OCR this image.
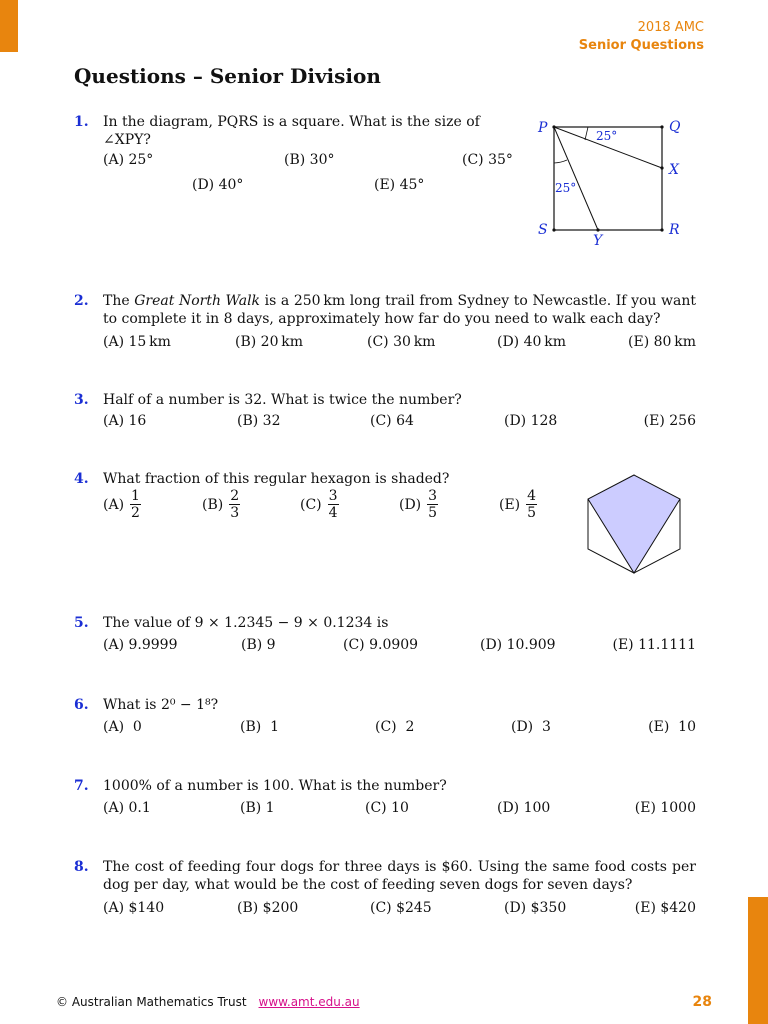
2018 AMC
Senior Questions
Questions – Senior Division
1. In the diagram, PQRS is a square. What is the size of ∠XPY?
(A) 25°	(B) 30°	(C) 35°
(D) 40°	(E) 45°
P	Q
X
R
S
Y
25°
25°
2. The Great North Walk is a 250 km long trail from Sydney to Newcastle. If you want to complete it in 8 days, approximately how far do you need to walk each day?
(A) 15 km	(B) 20 km	(C) 30 km	(D) 40 km	(E) 80 km
3. Half of a number is 32. What is twice the number?
(A) 16	(B) 32	(C) 64	(D) 128	(E) 256
4. What fraction of this regular hexagon is shaded?
$(A) \frac{1}{2}$	$(B) \frac{2}{3}$	$(C) \frac{3}{4}$	$(D) \frac{3}{5}$	$(E) \frac{4}{5}$
5. The value of 9 × 1.2345 − 9 × 0.1234 is
(A) 9.9999	(B) 9	(C) 9.0909	(D) 10.909	(E) 11.1111
6. What is 2⁰ − 1⁸?
(A)  0	(B)  1	(C)  2	(D)  3	(E)  10
7. 1000% of a number is 100. What is the number?
(A) 0.1	(B) 1	(C) 10	(D) 100	(E) 1000
8. The cost of feeding four dogs for three days is $60. Using the same food costs per dog per day, what would be the cost of feeding seven dogs for seven days?
(A) $140	(B) $200	(C) $245	(D) $350	(E) $420
© Australian Mathematics Trust www.amt.edu.au	28
